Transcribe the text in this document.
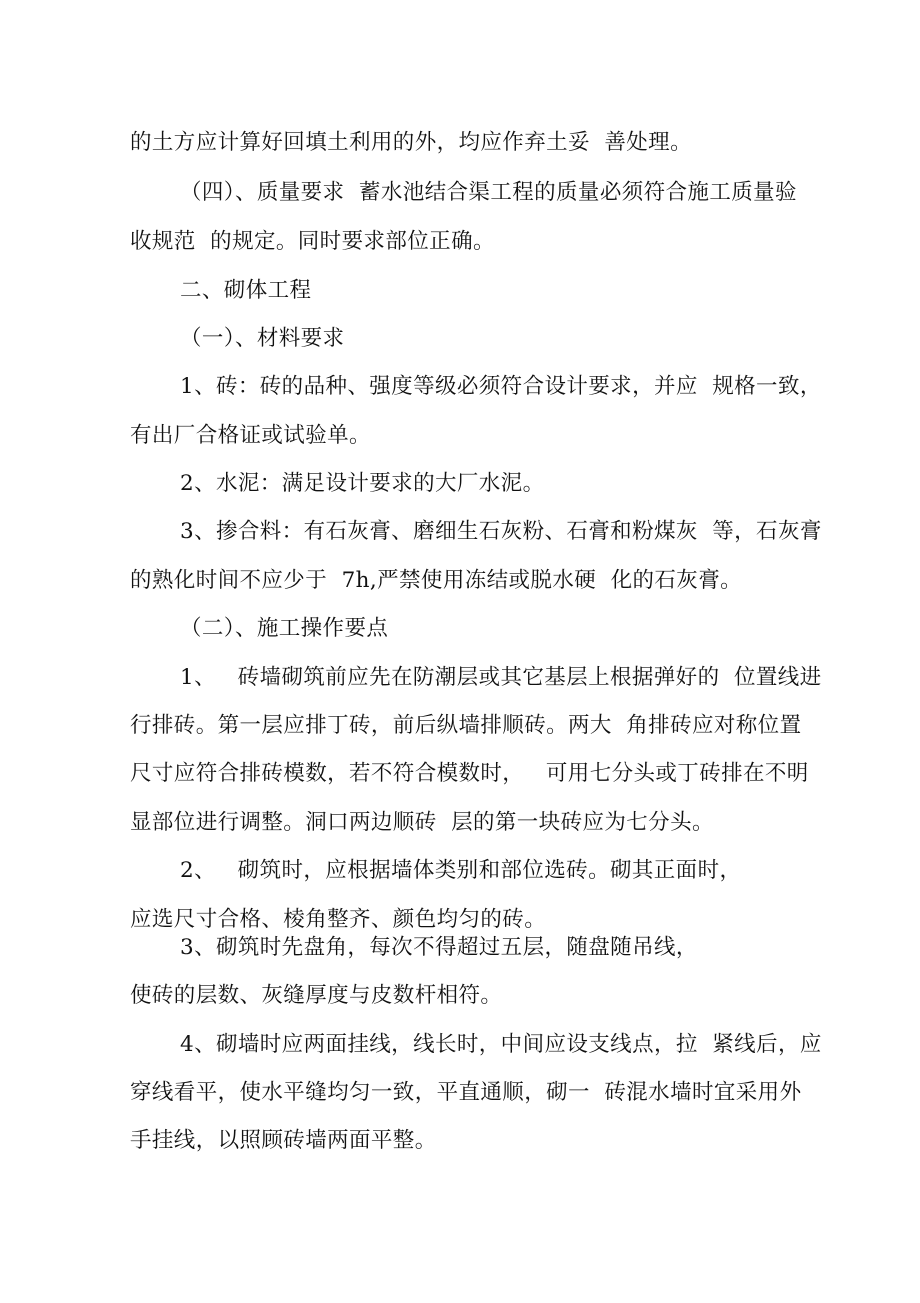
的土方应计算好回填土利用的外，均应作弃土妥  善处理。
（四）、质量要求  蓄水池结合渠工程的质量必须符合施工质量验
收规范  的规定。同时要求部位正确。
二、砌体工程
（一）、材料要求
1、砖：砖的品种、强度等级必须符合设计要求，并应  规格一致，
有出厂合格证或试验单。
2、水泥：满足设计要求的大厂水泥。
3、掺合料：有石灰膏、磨细生石灰粉、石膏和粉煤灰  等，石灰膏
的熟化时间不应少于  7h,严禁使用冻结或脱水硬  化的石灰膏。
（二）、施工操作要点
1、   砖墙砌筑前应先在防潮层或其它基层上根据弹好的  位置线进
行排砖。第一层应排丁砖，前后纵墙排顺砖。两大  角排砖应对称位置
尺寸应符合排砖模数，若不符合模数时，   可用七分头或丁砖排在不明
显部位进行调整。洞口两边顺砖  层的第一块砖应为七分头。
2、   砌筑时，应根据墙体类别和部位选砖。砌其正面时，
应选尺寸合格、棱角整齐、颜色均匀的砖。
3、砌筑时先盘角，每次不得超过五层，随盘随吊线，
使砖的层数、灰缝厚度与皮数杆相符。
4、砌墙时应两面挂线，线长时，中间应设支线点，拉  紧线后，应
穿线看平，使水平缝均匀一致，平直通顺，砌一  砖混水墙时宜采用外
手挂线，以照顾砖墙两面平整。
